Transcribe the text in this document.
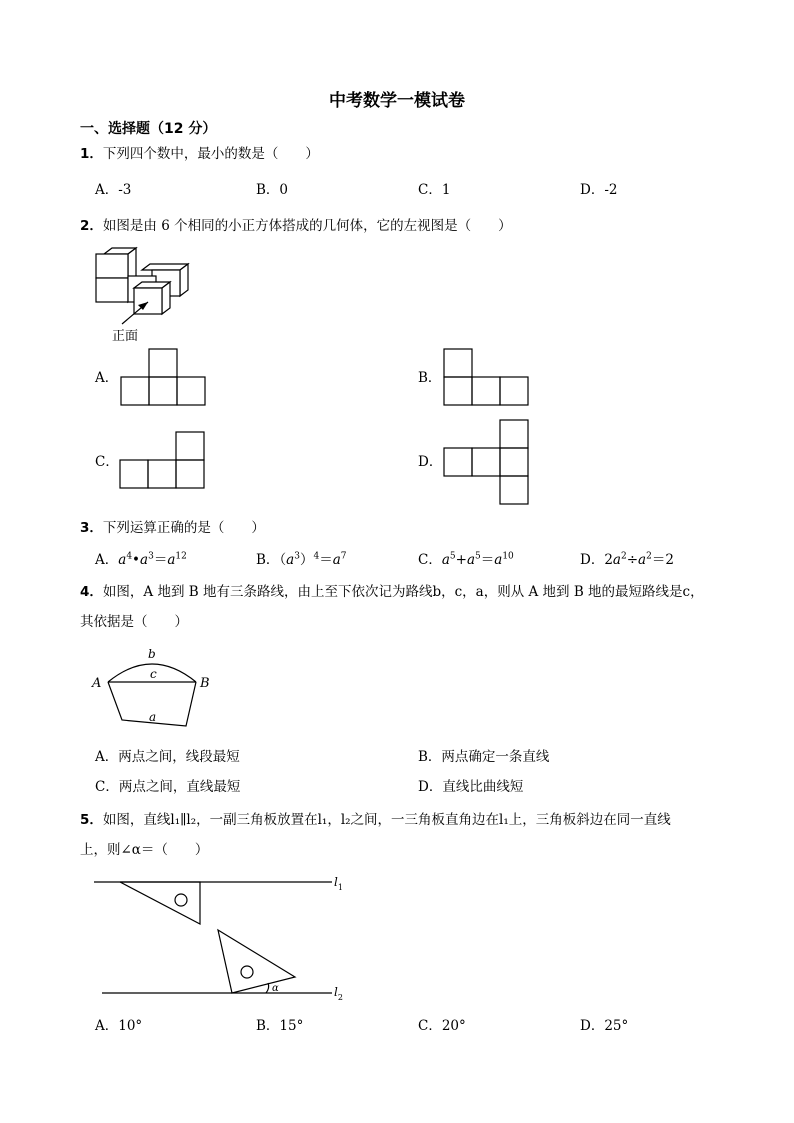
中考数学一模试卷
一、选择题（12 分）
1．下列四个数中，最小的数是（　　）
A．-3	B．0	C．1	D．-2
2．如图是由 6 个相同的小正方体搭成的几何体，它的左视图是（　　）
正面
A．	B．
C．	D．
3．下列运算正确的是（　　）
A．$a^4•a^3=a^{12}$	B．$(a^3)^4=a^7$	C．$a^5+a^5=a^{10}$	D．$2a^2\div a^2=2$
4．如图，A 地到 B 地有三条路线，由上至下依次记为路线b，c，a，则从 A 地到 B 地的最短路线是c，
其依据是（　　）
A	B
b
c
a
A．两点之间，线段最短	B．两点确定一条直线
C．两点之间，直线最短	D．直线比曲线短
5．如图，直线l₁∥l₂，一副三角板放置在l₁，l₂之间，一三角板直角边在l₁上，三角板斜边在同一直线
上，则∠α＝（　　）
$l_1$
$l_2$
α
A．10°	B．15°	C．20°	D．25°
